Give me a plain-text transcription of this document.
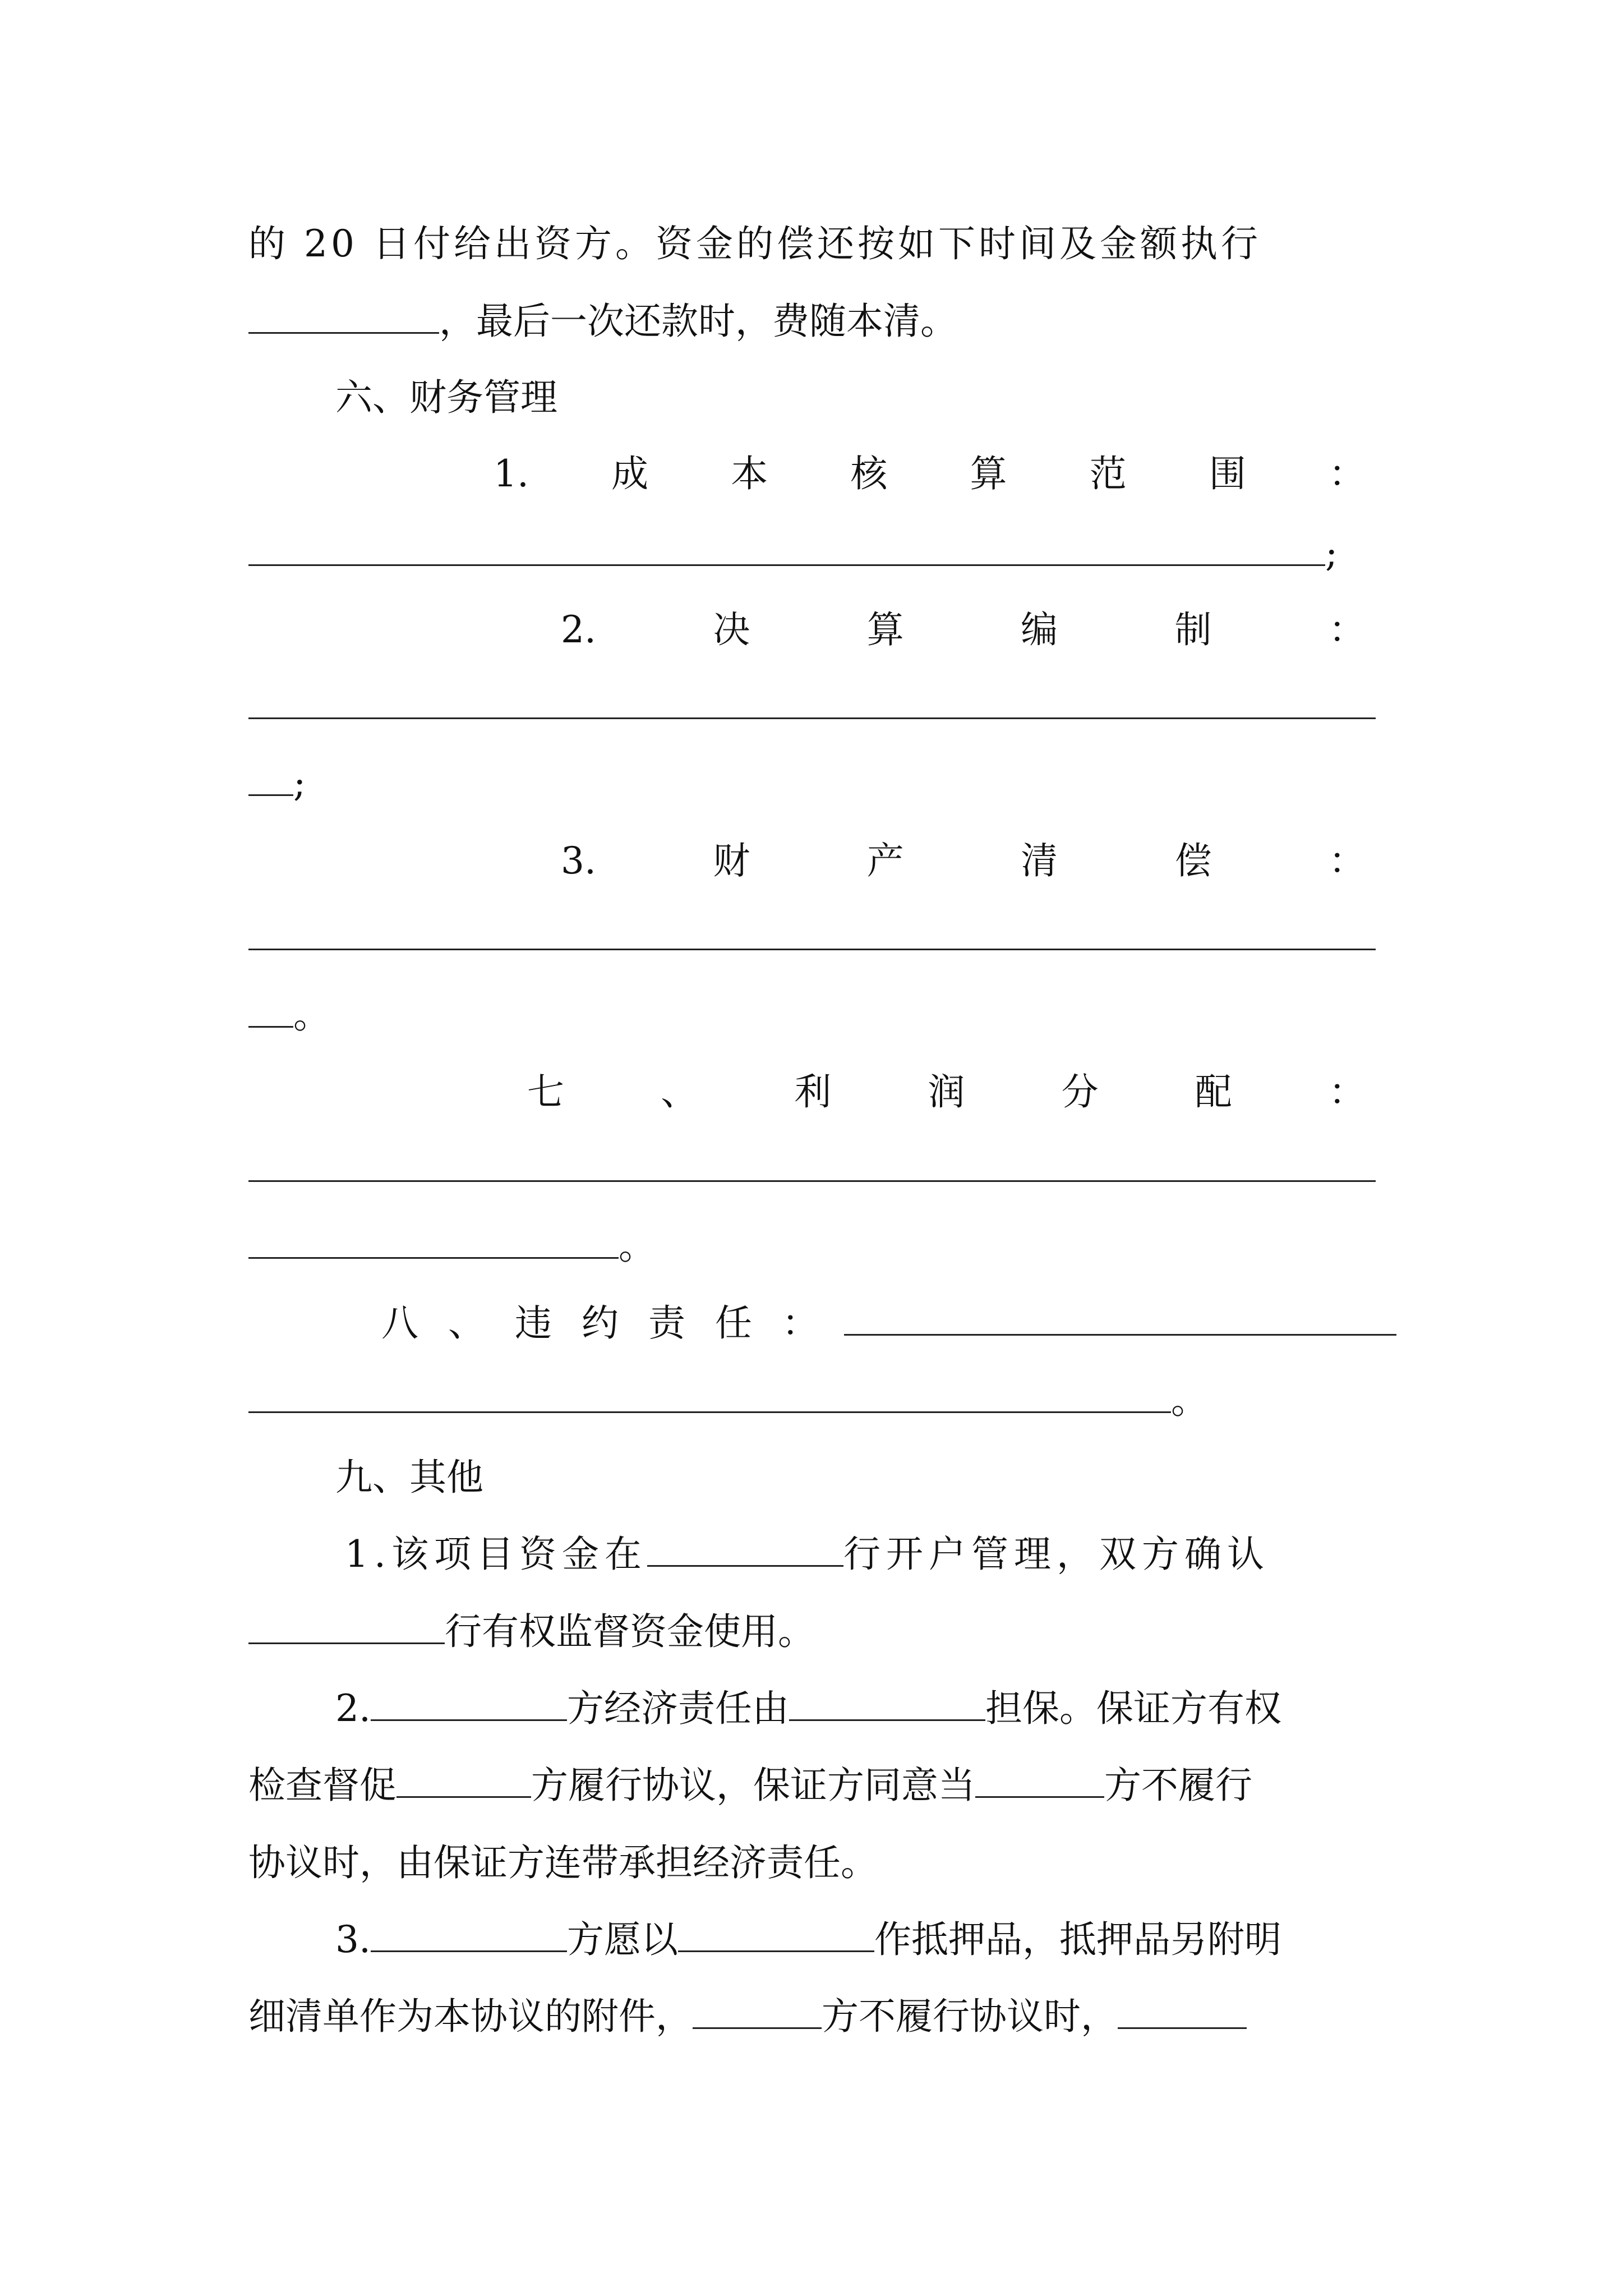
的 20 日付给出资方。资金的偿还按如下时间及金额执行
，最后一次还款时，费随本清。
六、财务管理
1. 成 本 核 算 范 围 ：
;
2.	决	算	编	制	：
;
3.	财	产	清	偿	：
。
七	、	利	润	分	配	：
。
八 、 违 约 责 任 ：
。
九、其他
1.该项目资金在	行开户管理，双方确认
行有权监督资金使用。
2.	方经济责任由	担保。保证方有权
检查督促	方履行协议，保证方同意当	方不履行
协议时，由保证方连带承担经济责任。
3.	方愿以	作抵押品，抵押品另附明
细清单作为本协议的附件，	方不履行协议时，
